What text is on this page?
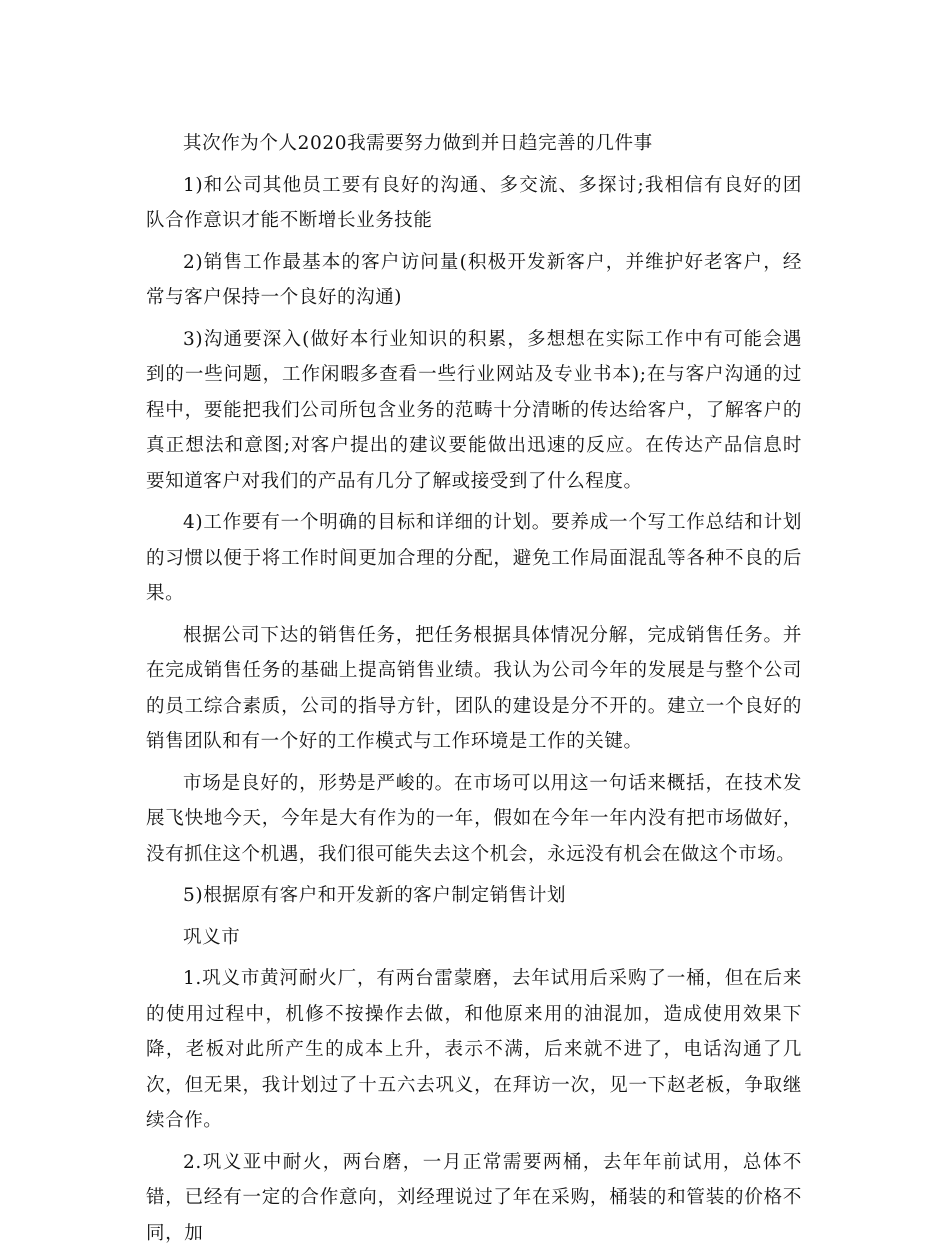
其次作为个人2020我需要努力做到并日趋完善的几件事

1)和公司其他员工要有良好的沟通、多交流、多探讨;我相信有良好的团队合作意识才能不断增长业务技能

2)销售工作最基本的客户访问量(积极开发新客户，并维护好老客户，经常与客户保持一个良好的沟通)

3)沟通要深入(做好本行业知识的积累，多想想在实际工作中有可能会遇到的一些问题，工作闲暇多查看一些行业网站及专业书本);在与客户沟通的过程中，要能把我们公司所包含业务的范畴十分清晰的传达给客户，了解客户的真正想法和意图;对客户提出的建议要能做出迅速的反应。在传达产品信息时要知道客户对我们的产品有几分了解或接受到了什么程度。

4)工作要有一个明确的目标和详细的计划。要养成一个写工作总结和计划的习惯以便于将工作时间更加合理的分配，避免工作局面混乱等各种不良的后果。

根据公司下达的销售任务，把任务根据具体情况分解，完成销售任务。并在完成销售任务的基础上提高销售业绩。我认为公司今年的发展是与整个公司的员工综合素质，公司的指导方针，团队的建设是分不开的。建立一个良好的销售团队和有一个好的工作模式与工作环境是工作的关键。

市场是良好的，形势是严峻的。在市场可以用这一句话来概括，在技术发展飞快地今天，今年是大有作为的一年，假如在今年一年内没有把市场做好，没有抓住这个机遇，我们很可能失去这个机会，永远没有机会在做这个市场。

5)根据原有客户和开发新的客户制定销售计划

巩义市

1.巩义市黄河耐火厂，有两台雷蒙磨，去年试用后采购了一桶，但在后来的使用过程中，机修不按操作去做，和他原来用的油混加，造成使用效果下降，老板对此所产生的成本上升，表示不满，后来就不进了，电话沟通了几次，但无果，我计划过了十五六去巩义，在拜访一次，见一下赵老板，争取继续合作。

2.巩义亚中耐火，两台磨，一月正常需要两桶，去年年前试用，总体不错，已经有一定的合作意向，刘经理说过了年在采购，桶装的和管装的价格不同，加
